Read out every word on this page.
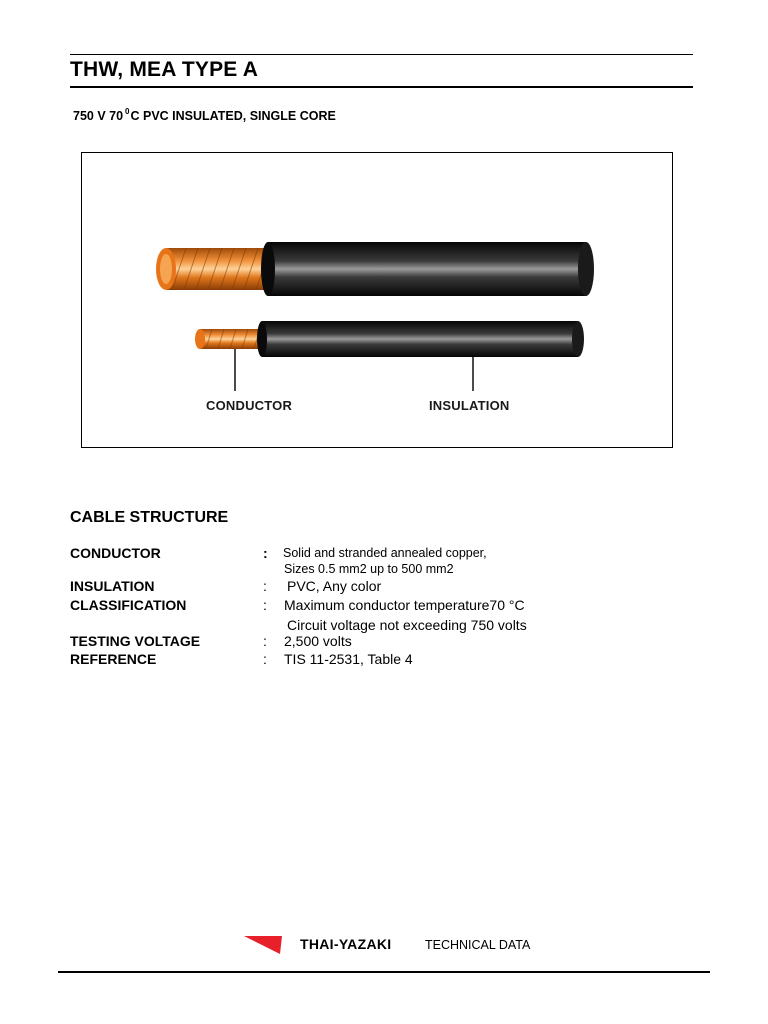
THW, MEA TYPE A
750 V 70 $^0$C PVC INSULATED, SINGLE CORE
CONDUCTOR	INSULATION
CABLE STRUCTURE
CONDUCTOR	: Solid and stranded annealed copper,
Sizes 0.5 mm2 up to 500 mm2
INSULATION	: PVC, Any color
CLASSIFICATION	: Maximum conductor temperature70 °C
Circuit voltage not exceeding 750 volts
TESTING VOLTAGE	: 2,500 volts
REFERENCE	: TIS 11-2531, Table 4
THAI-YAZAKI	TECHNICAL DATA
